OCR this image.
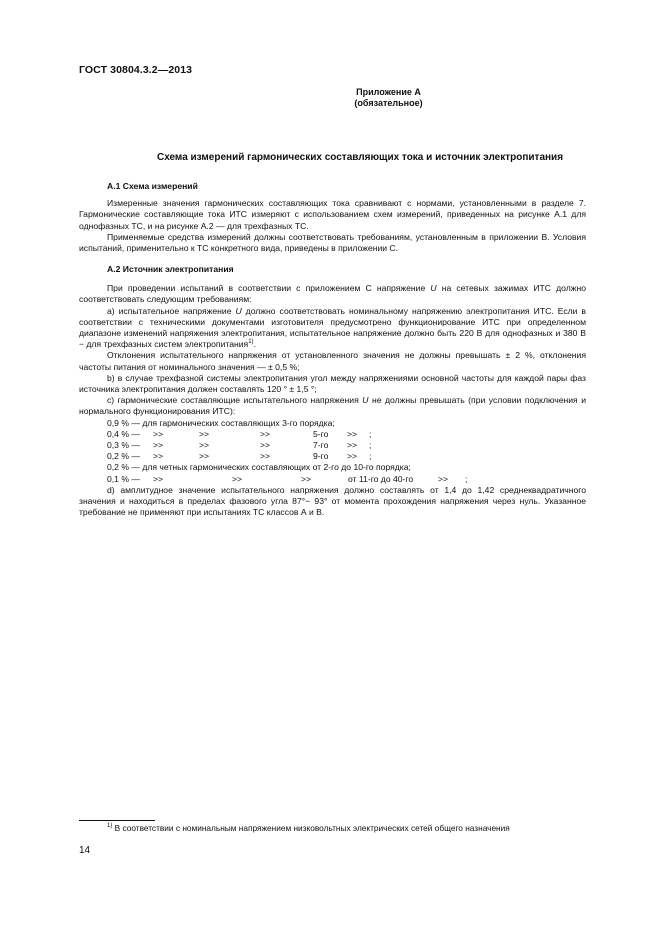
ГОСТ 30804.3.2—2013
Приложение А
(обязательное)
Схема измерений гармонических составляющих тока и источник электропитания
А.1 Схема измерений
Измеренные значения гармонических составляющих тока сравнивают с нормами, установленными в разделе 7. Гармонические составляющие тока ИТС измеряют с использованием схем измерений, приведенных на рисунке А.1 для однофазных ТС, и на рисунке А.2 — для трехфазных ТС.
Применяемые средства измерений должны соответствовать требованиям, установленным в приложении В. Условия испытаний, применительно к ТС конкретного вида, приведены в приложении С.
А.2 Источник электропитания
При проведении испытаний в соответствии с приложением С напряжение U на сетевых зажимах ИТС должно соответствовать следующим требованиям:
а) испытательное напряжение U должно соответствовать номинальному напряжению электропитания ИТС. Если в соответствии с техническими документами изготовителя предусмотрено функционирование ИТС при определенном диапазоне изменений напряжения электропитания, испытательное напряжение должно быть 220 В для однофазных и 380 В − для трехфазных систем электропитания$^{1)}$.
Отклонения испытательного напряжения от установленного значения не должны превышать ± 2 %, отклонения частоты питания от номинального значения — ± 0,5 %;
b) в случае трехфазной системы электропитания угол между напряжениями основной частоты для каждой пары фаз источника электропитания должен составлять 120 ° ± 1,5 °;
с) гармонические составляющие испытательного напряжения U не должны превышать (при условии подключения и нормального функционирования ИТС):
0,9 % — для гармонических составляющих 3-го порядка;
0,4 % — >>	>>	>>	5-го >> ;
0,3 % — >>	>>	>>	7-го >> ;
0,2 % — >>	>>	>>	9-го >> ;
0,2 % — для четных гармонических составляющих от 2-го до 10-го порядка;
0,1 % — >>	>>	>>	от 11-го до 40-го	>> ;
d) амплитудное значение испытательного напряжения должно составлять от 1,4 до 1,42 среднеквадратичного значения и находиться в пределах фазового угла 87°− 93° от момента прохождения напряжения через нуль. Указанное требование не применяют при испытаниях ТС классов А и В.
$^{1)}$ В соответствии с номинальным напряжением низковольтных электрических сетей общего назначения
14
